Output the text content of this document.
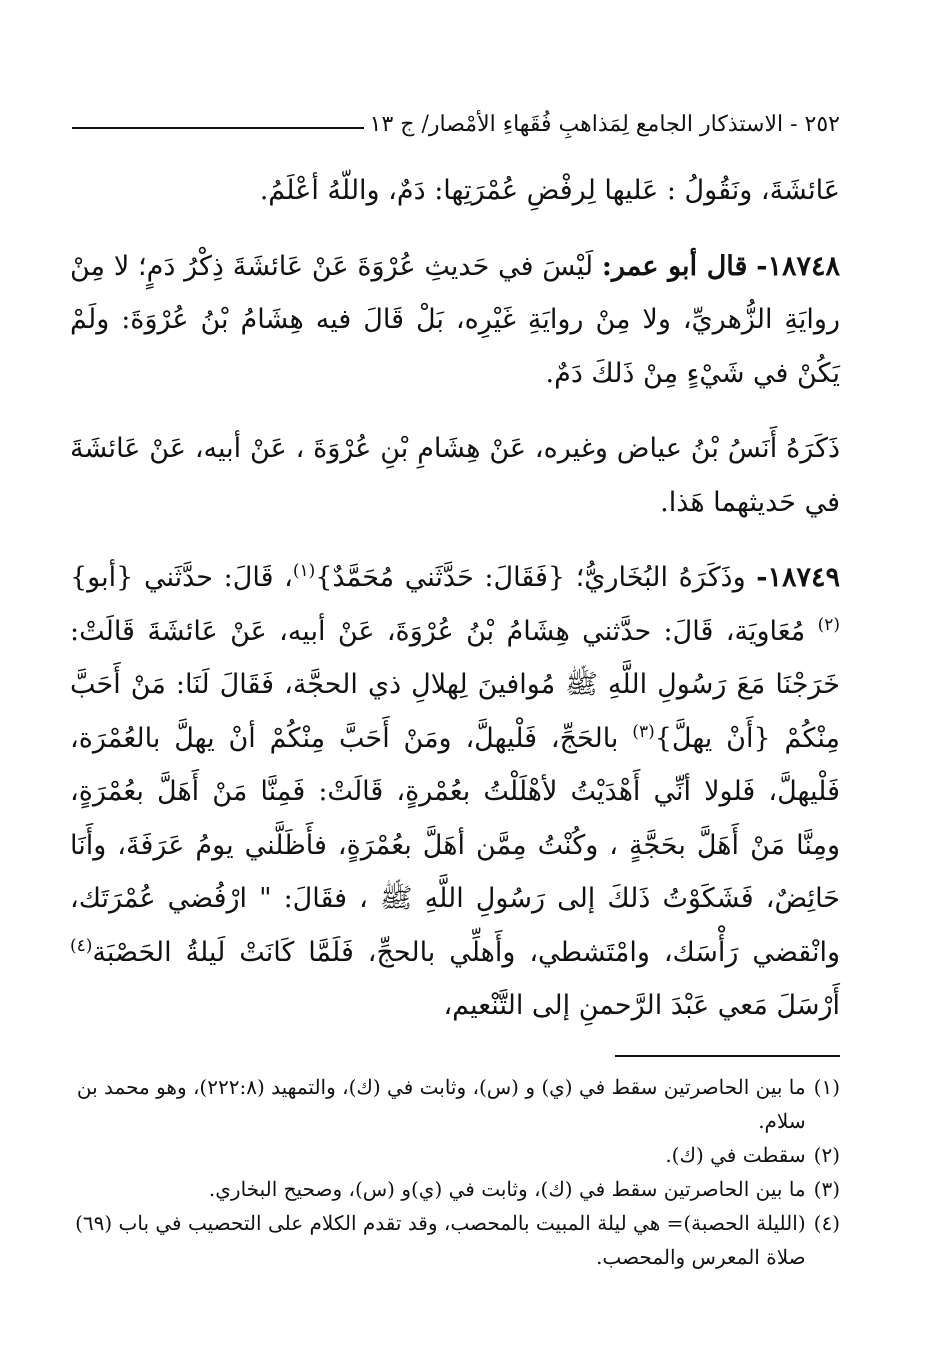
٢٥٢ - الاستذكار الجامع لِمَذاهبِ فُقَهاءِ الأمْصار/ ج ١٣

عَائشَةَ، ونَقُولُ : عَليها لِرفْضِ عُمْرَتِها: دَمٌ، واللّهُ أعْلَمُ.

١٨٧٤٨- قال أبو عمر: لَيْسَ في حَديثِ عُرْوَةَ عَنْ عَائشَةَ ذِكْرُ دَمٍ؛ لا مِنْ روايَةِ الزُّهريِّ، ولا مِنْ روايَةِ غَيْرِه، بَلْ قَالَ فيه هِشَامُ بْنُ عُرْوَةَ: ولَمْ يَكُنْ في شَيْءٍ مِنْ ذَلكَ دَمٌ.

ذَكَرَهُ أَنَسُ بْنُ عياض وغيره، عَنْ هِشَامِ بْنِ عُرْوَةَ ، عَنْ أبيه، عَنْ عَائشَةَ في حَديثهما هَذا.

١٨٧٤٩- وذَكَرَهُ البُخَاريُّ؛ {فَقَالَ: حَدَّثَني مُحَمَّدٌ}$^{(١)}$، قَالَ: حدَّثَني {أبو}$^{(٢)}$ مُعَاويَة، قَالَ: حدَّثني هِشَامُ بْنُ عُرْوَةَ، عَنْ أبيه، عَنْ عَائشَةَ قَالَتْ: خَرَجْنَا مَعَ رَسُولِ اللَّهِ ﷺ مُوافينَ لِهلالِ ذي الحجَّة، فَقَالَ لَنَا: مَنْ أَحَبَّ مِنْكُمْ {أَنْ يهلَّ}$^{(٣)}$ بالحَجِّ، فَلْيهلَّ، ومَنْ أَحَبَّ مِنْكُمْ أنْ يهلَّ بالعُمْرَة، فَلْيهلَّ، فَلولا أنِّي أَهْدَيْتُ لأهْلَلْتُ بعُمْرةٍ، قَالَتْ: فَمِنَّا مَنْ أَهَلَّ بعُمْرَةٍ، ومِنَّا مَنْ أَهَلَّ بحَجَّةٍ ، وكُنْتُ مِمَّن أهَلَّ بعُمْرَةٍ، فأَظَلَّني يومُ عَرَفَةَ، وأَنَا حَائِضٌ، فَشَكَوْتُ ذَلكَ إلى رَسُولِ اللَّهِ ﷺ ، فقَالَ: " ارْفُضي عُمْرَتَك، وانْقضي رَأْسَك، وامْتَشطي، وأَهلِّي بالحجِّ، فَلَمَّا كَانَتْ لَيلةُ الحَصْبَة$^{(٤)}$ أَرْسَلَ مَعي عَبْدَ الرَّحمنِ إلى التَّنْعيم،

(١)
ما بين الحاصرتين سقط في (ي) و (س)، وثابت في (ك)، والتمهيد (٢٢٢:٨)، وهو محمد بن سلام.
(٢)
سقطت في (ك).
(٣)
ما بين الحاصرتين سقط في (ك)، وثابت في (ي)و (س)، وصحيح البخاري.
(٤)
(الليلة الحصبة)= هي ليلة المبيت بالمحصب، وقد تقدم الكلام على التحصيب في باب (٦٩) صلاة المعرس والمحصب.
